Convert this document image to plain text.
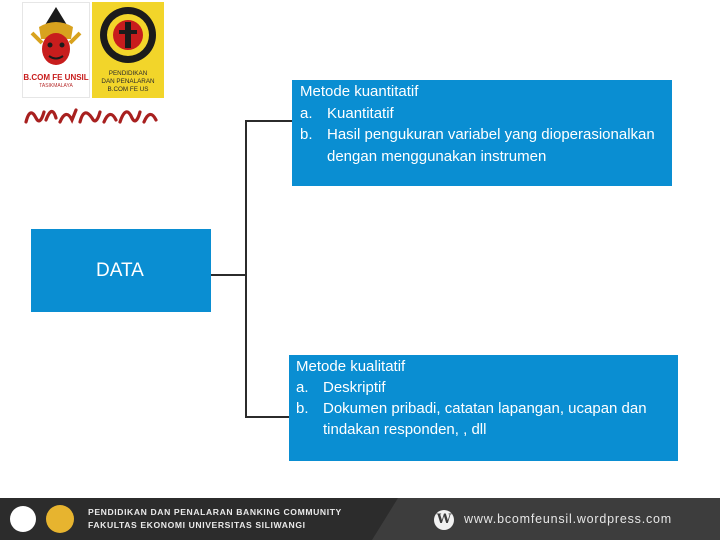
B.COM FE UNSIL
TASIKMALAYA
PENDIDIKAN
DAN PENALARAN
B.COM FE US	Metode kuantitatif
a. Kuantitatif
b. Hasil pengukuran variabel yang dioperasionalkan dengan menggunakan instrumen
DATA
Metode kualitatif
a. Deskriptif
b. Dokumen pribadi, catatan lapangan, ucapan dan tindakan responden, , dll
PENDIDIKAN DAN PENALARAN BANKING COMMUNITY
FAKULTAS EKONOMI UNIVERSITAS SILIWANGI	W www.bcomfeunsil.wordpress.com
